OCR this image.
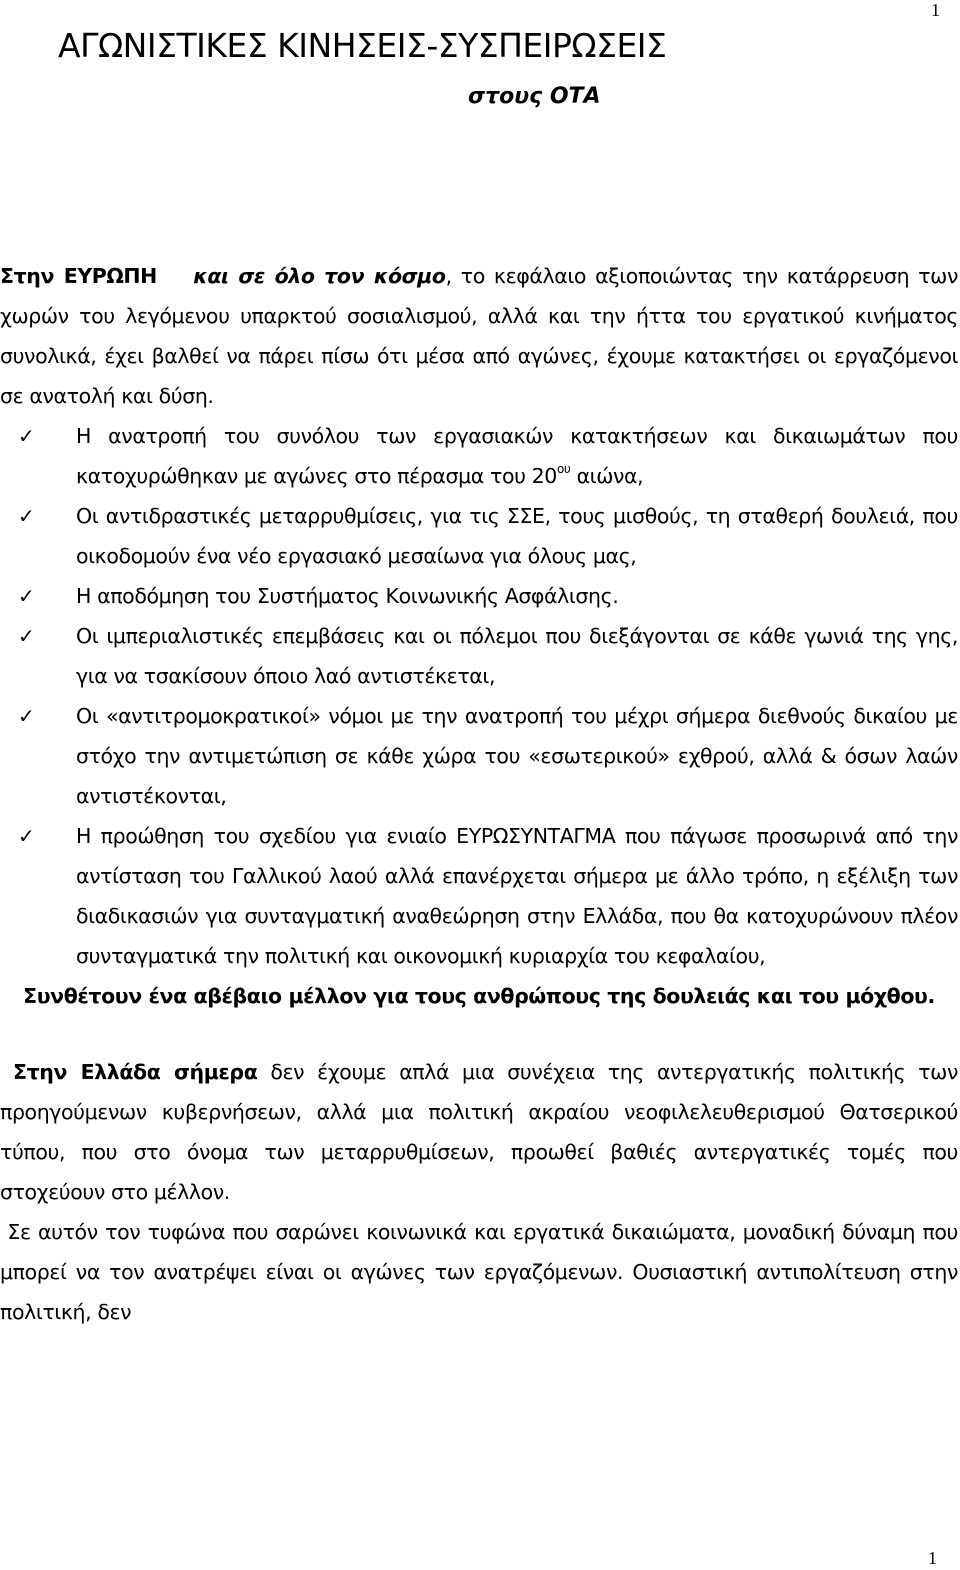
1
ΑΓΩΝΙΣΤΙΚΕΣ ΚΙΝΗΣΕΙΣ-ΣΥΣΠΕΙΡΩΣΕΙΣ
στους ΟΤΑ

Στην ΕΥΡΩΠΗ και σε όλο τον κόσμο, το κεφάλαιο αξιοποιώντας την κατάρρευση των χωρών του λεγόμενου υπαρκτού σοσιαλισμού, αλλά και την ήττα του εργατικού κινήματος συνολικά, έχει βαλθεί να πάρει πίσω ότι μέσα από αγώνες, έχουμε κατακτήσει οι εργαζόμενοι σε ανατολή και δύση.

✓ Η ανατροπή του συνόλου των εργασιακών κατακτήσεων και δικαιωμάτων που κατοχυρώθηκαν με αγώνες στο πέρασμα του $20^{o\upsilon}$ αιώνα,
✓ Οι αντιδραστικές μεταρρυθμίσεις, για τις ΣΣΕ, τους μισθούς, τη σταθερή δουλειά, που οικοδομούν ένα νέο εργασιακό μεσαίωνα για όλους μας,
✓ Η αποδόμηση του Συστήματος Κοινωνικής Ασφάλισης.
✓ Οι ιμπεριαλιστικές επεμβάσεις και οι πόλεμοι που διεξάγονται σε κάθε γωνιά της γης, για να τσακίσουν όποιο λαό αντιστέκεται,
✓ Οι «αντιτρομοκρατικοί» νόμοι με την ανατροπή του μέχρι σήμερα διεθνούς δικαίου με στόχο την αντιμετώπιση σε κάθε χώρα του «εσωτερικού» εχθρού, αλλά & όσων λαών αντιστέκονται,
✓ Η προώθηση του σχεδίου για ενιαίο ΕΥΡΩΣΥΝΤΑΓΜΑ που πάγωσε προσωρινά από την αντίσταση του Γαλλικού λαού αλλά επανέρχεται σήμερα με άλλο τρόπο, η εξέλιξη των διαδικασιών για συνταγματική αναθεώρηση στην Ελλάδα, που θα κατοχυρώνουν πλέον συνταγματικά την πολιτική και οικονομική κυριαρχία του κεφαλαίου,

Συνθέτουν ένα αβέβαιο μέλλον για τους ανθρώπους της δουλειάς και του μόχθου.

Στην Ελλάδα σήμερα δεν έχουμε απλά μια συνέχεια της αντεργατικής πολιτικής των προηγούμενων κυβερνήσεων, αλλά μια πολιτική ακραίου νεοφιλελευθερισμού Θατσερικού τύπου, που στο όνομα των μεταρρυθμίσεων, προωθεί βαθιές αντεργατικές τομές που στοχεύουν στο μέλλον.

Σε αυτόν τον τυφώνα που σαρώνει κοινωνικά και εργατικά δικαιώματα, μοναδική δύναμη που μπορεί να τον ανατρέψει είναι οι αγώνες των εργαζόμενων. Ουσιαστική αντιπολίτευση στην πολιτική, δεν

1
